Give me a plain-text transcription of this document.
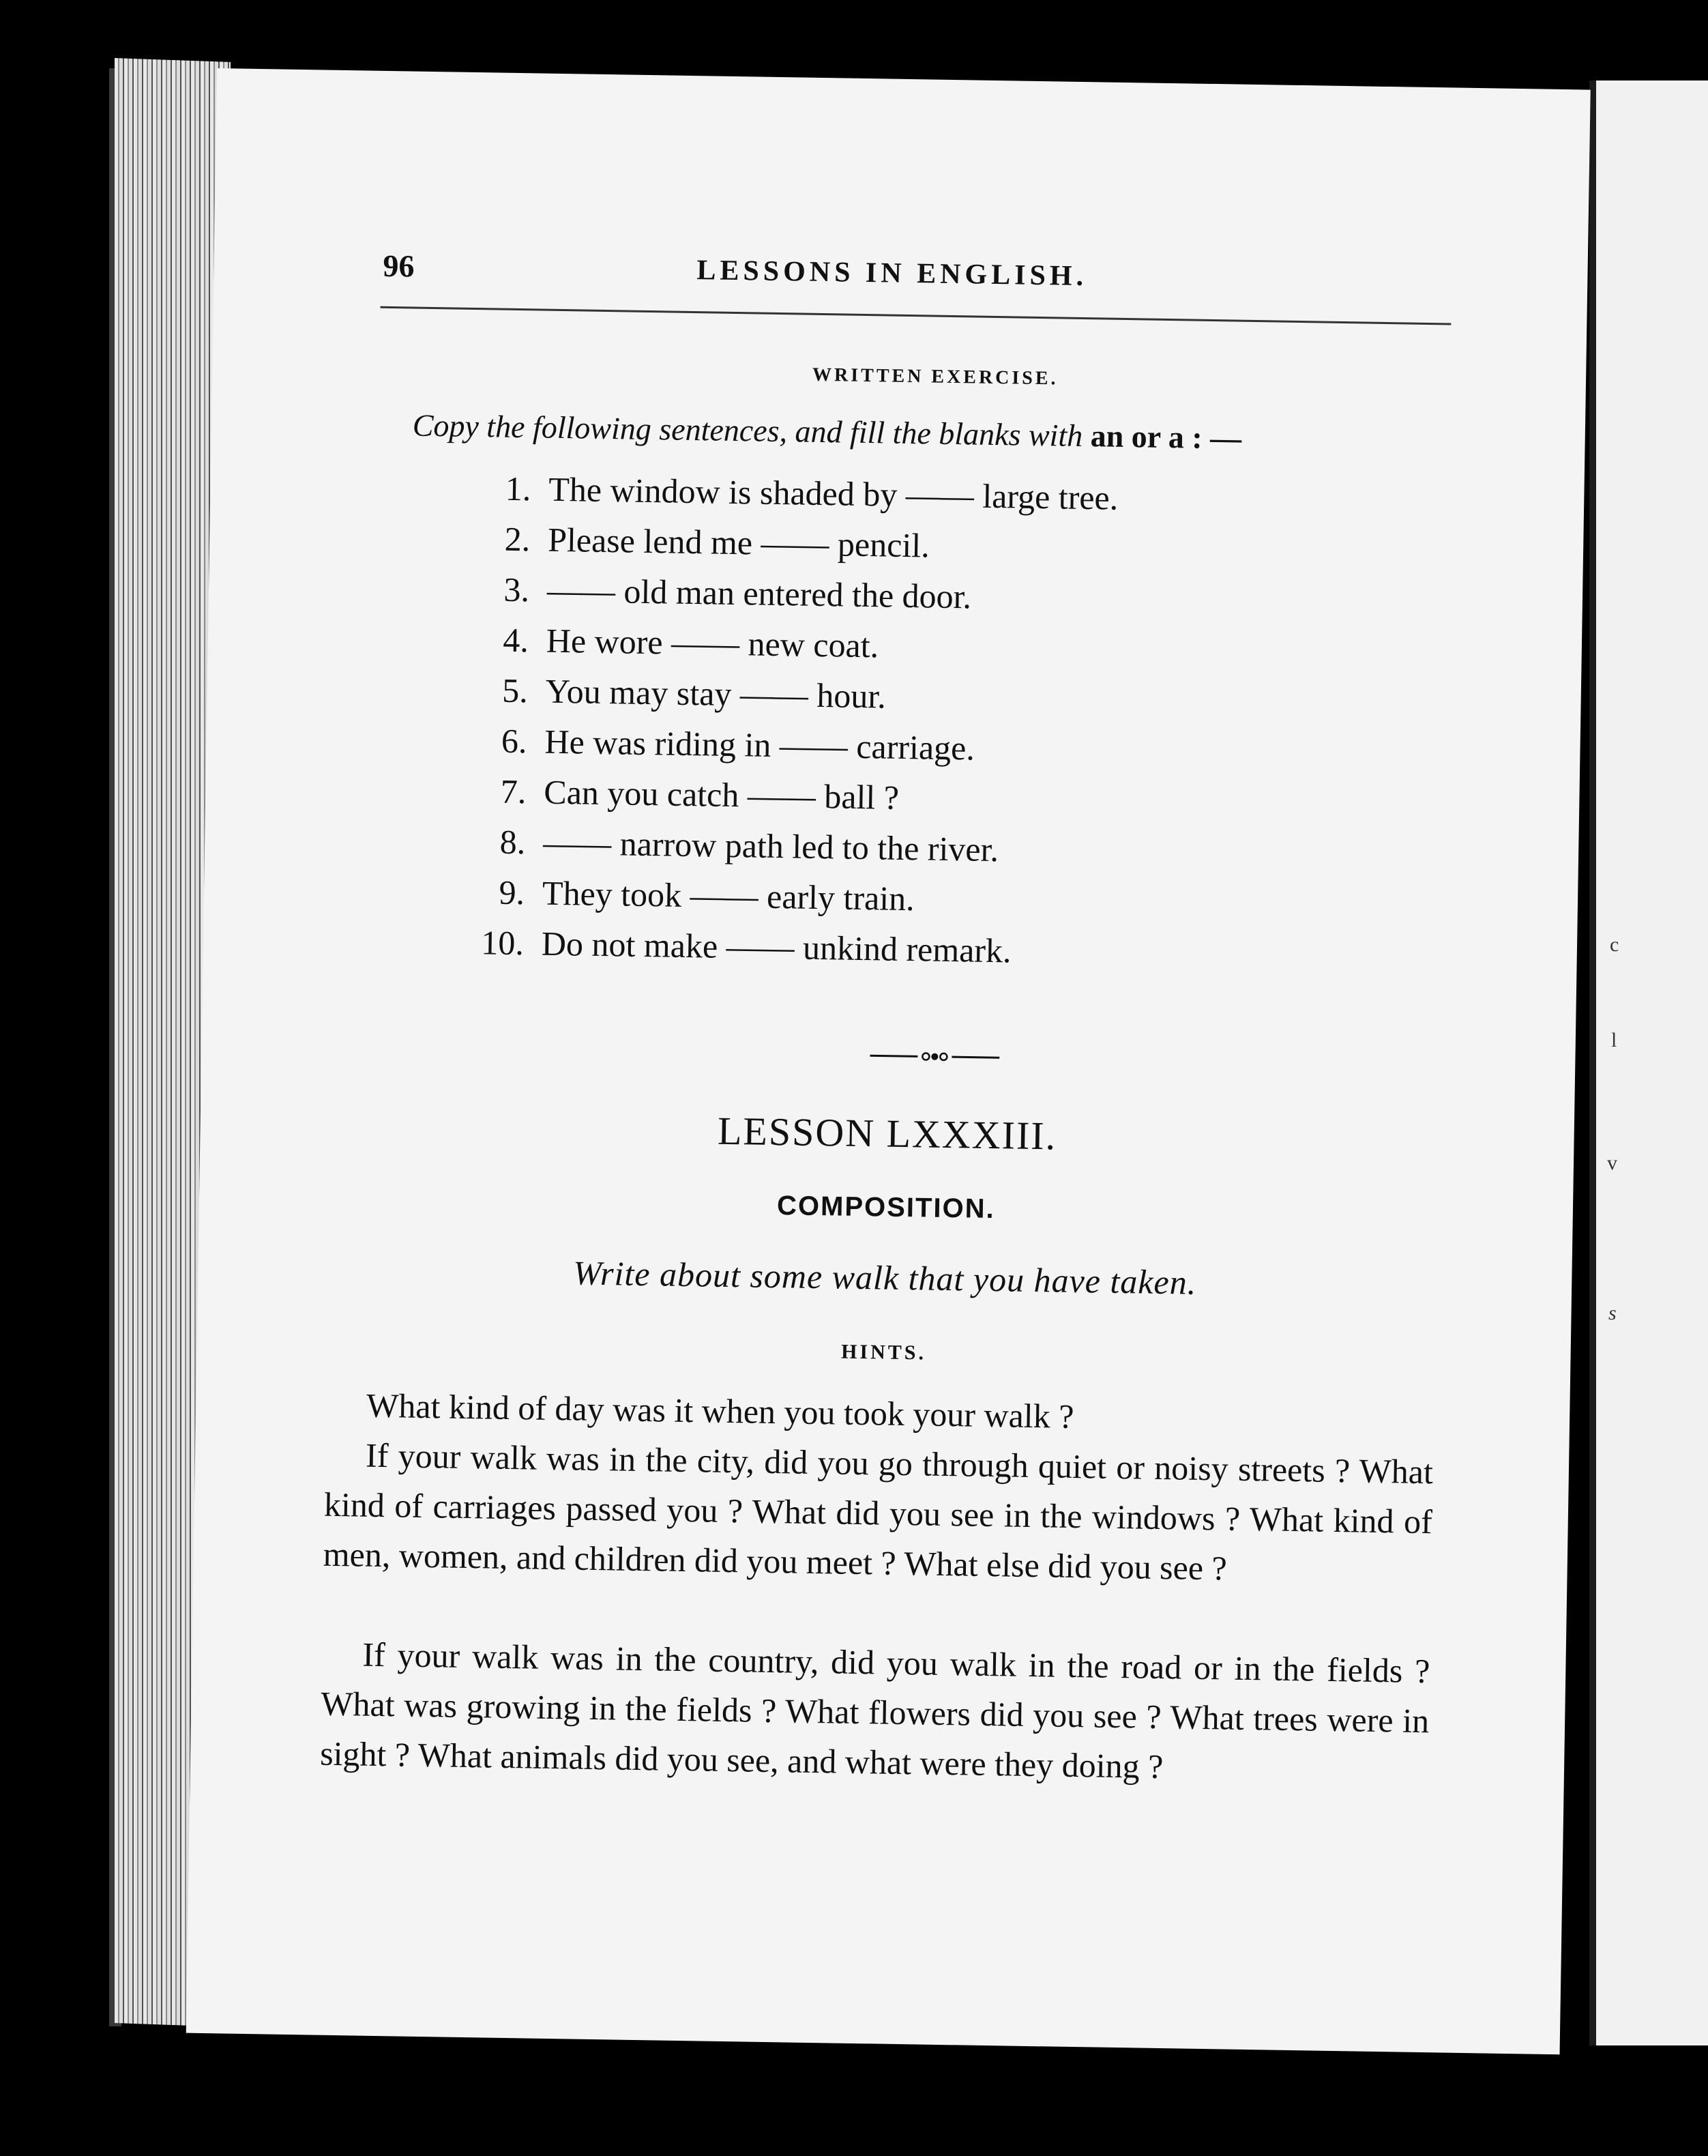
c
l
v
s
96	LESSONS IN ENGLISH.
WRITTEN EXERCISE.
Copy the following sentences, and fill the blanks with an or a : —
1. The window is shaded by —— large tree.
2. Please lend me —— pencil.
3. —— old man entered the door.
4. He wore —— new coat.
5. You may stay —— hour.
6. He was riding in —— carriage.
7. Can you catch —— ball ?
8. —— narrow path led to the river.
9. They took —— early train.
10. Do not make —— unkind remark.
LESSON LXXXIII.
COMPOSITION.
Write about some walk that you have taken.
HINTS.
What kind of day was it when you took your walk ?
If your walk was in the city, did you go through quiet or noisy streets ? What kind of carriages passed you ? What did you see in the windows ? What kind of men, women, and children did you meet ? What else did you see ?
If your walk was in the country, did you walk in the road or in the fields ? What was growing in the fields ? What flowers did you see ? What trees were in sight ? What animals did you see, and what were they doing ?
